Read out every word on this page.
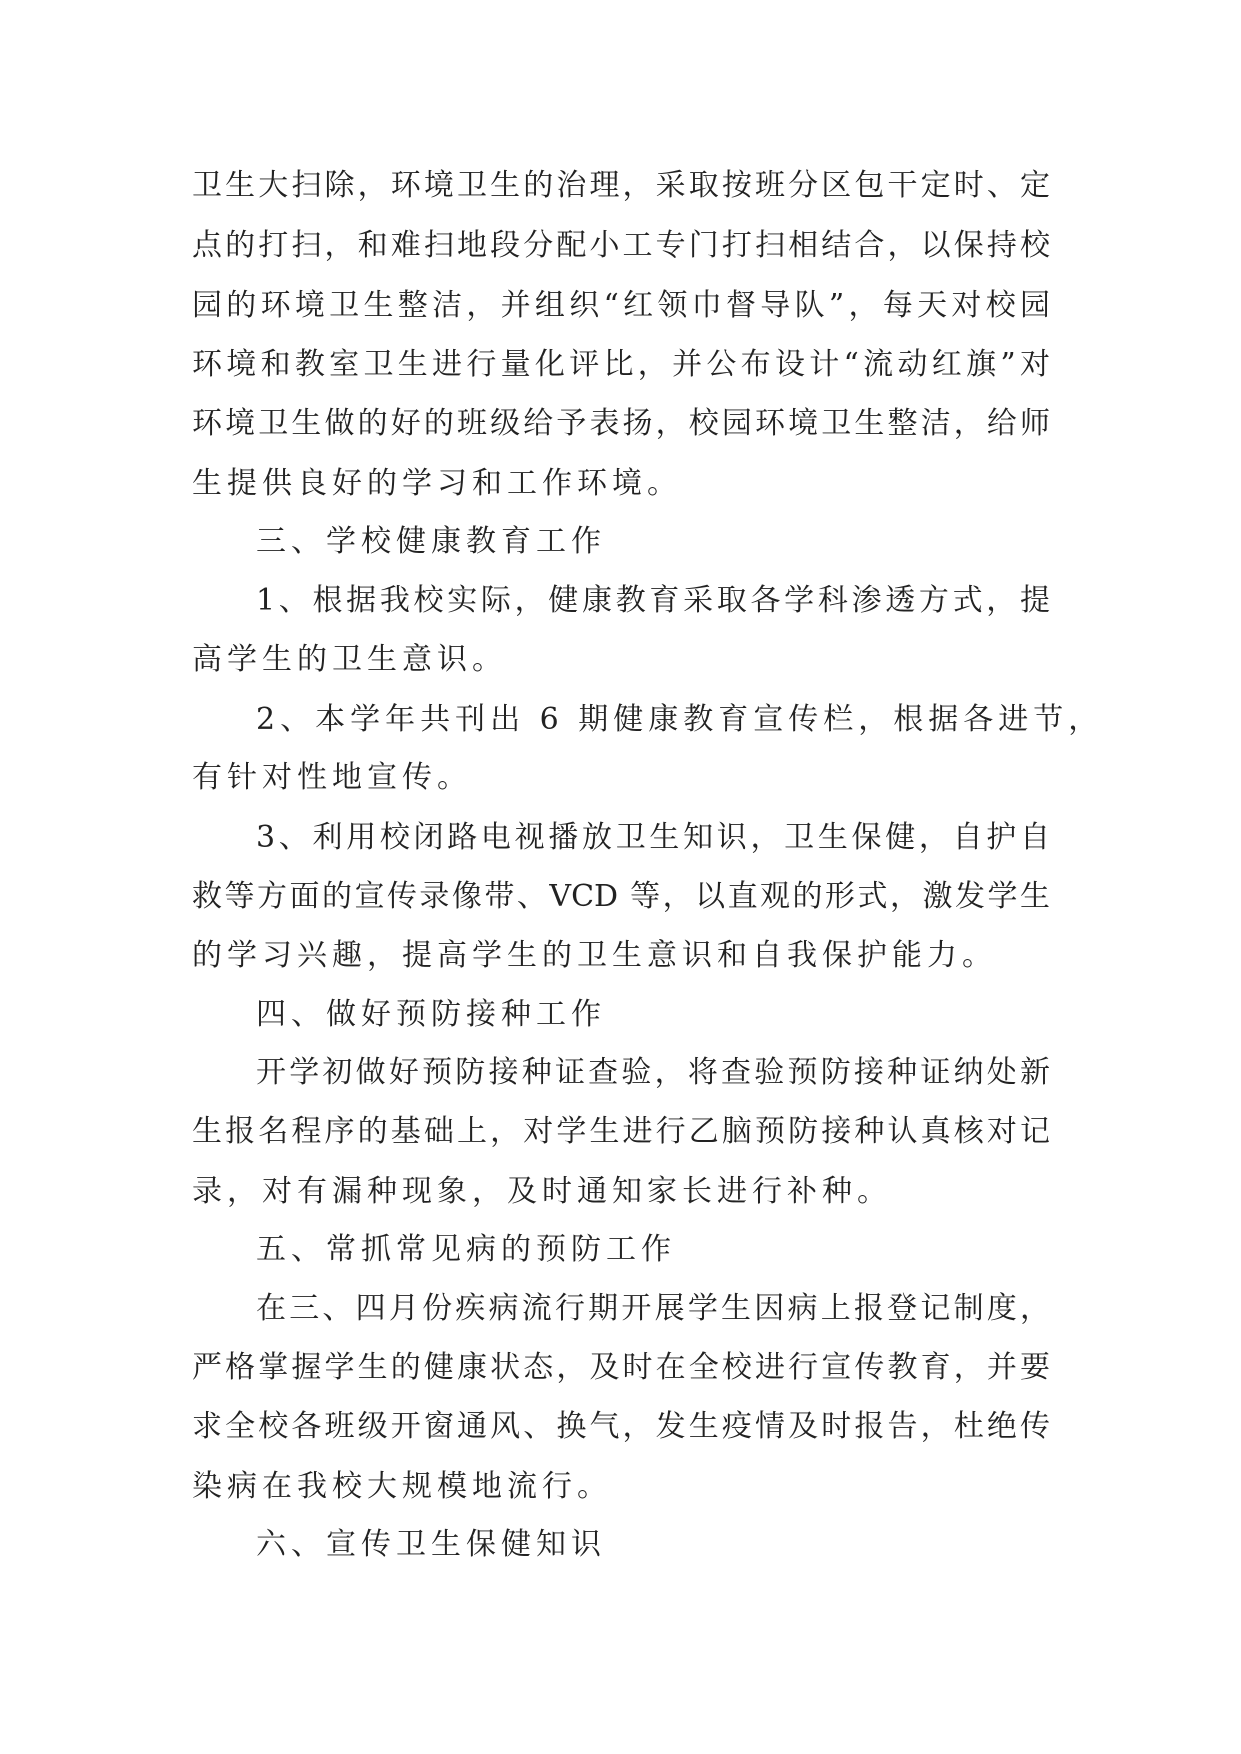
卫生大扫除，环境卫生的治理，采取按班分区包干定时、定

点的打扫，和难扫地段分配小工专门打扫相结合，以保持校

园的环境卫生整洁，并组织“红领巾督导队”，每天对校园

环境和教室卫生进行量化评比，并公布设计“流动红旗”对

环境卫生做的好的班级给予表扬，校园环境卫生整洁，给师

生提供良好的学习和工作环境。

三、学校健康教育工作

1、根据我校实际，健康教育采取各学科渗透方式，提

高学生的卫生意识。

2、本学年共刊出 6 期健康教育宣传栏，根据各进节，

有针对性地宣传。

3、利用校闭路电视播放卫生知识，卫生保健，自护自

救等方面的宣传录像带、VCD 等，以直观的形式，激发学生

的学习兴趣，提高学生的卫生意识和自我保护能力。

四、做好预防接种工作

开学初做好预防接种证查验，将查验预防接种证纳处新

生报名程序的基础上，对学生进行乙脑预防接种认真核对记

录，对有漏种现象，及时通知家长进行补种。

五、常抓常见病的预防工作

在三、四月份疾病流行期开展学生因病上报登记制度，

严格掌握学生的健康状态，及时在全校进行宣传教育，并要

求全校各班级开窗通风、换气，发生疫情及时报告，杜绝传

染病在我校大规模地流行。

六、宣传卫生保健知识
